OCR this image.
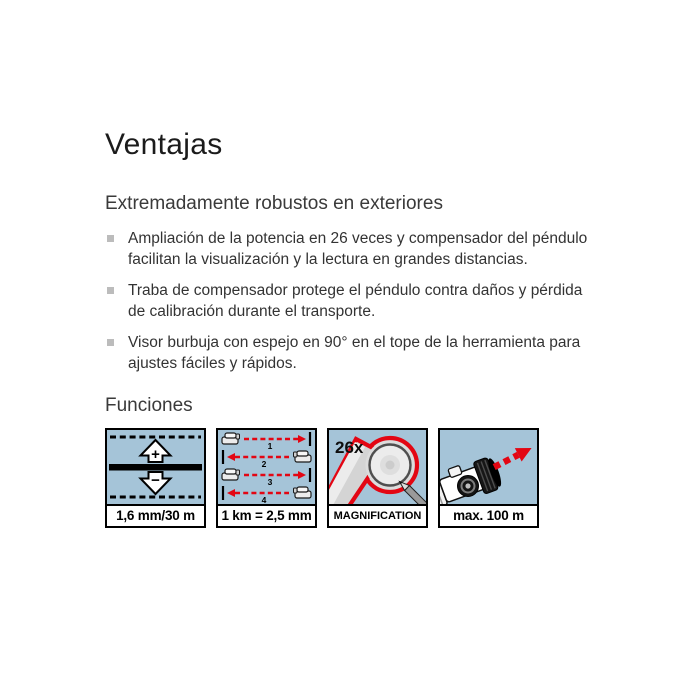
Ventajas
Extremadamente robustos en exteriores
Ampliación de la potencia en 26 veces y compensador del péndulo facilitan la visualización y la lectura en grandes distancias.
Traba de compensador protege el péndulo contra daños y pérdida de calibración durante el transporte.
Visor burbuja con espejo en 90° en el tope de la herramienta para ajustes fáciles y rápidos.
Funciones
+
−
1,6 mm/30 m
1
2
3
4
1 km = 2,5 mm
26x
MAGNIFICATION	max. 100 m
